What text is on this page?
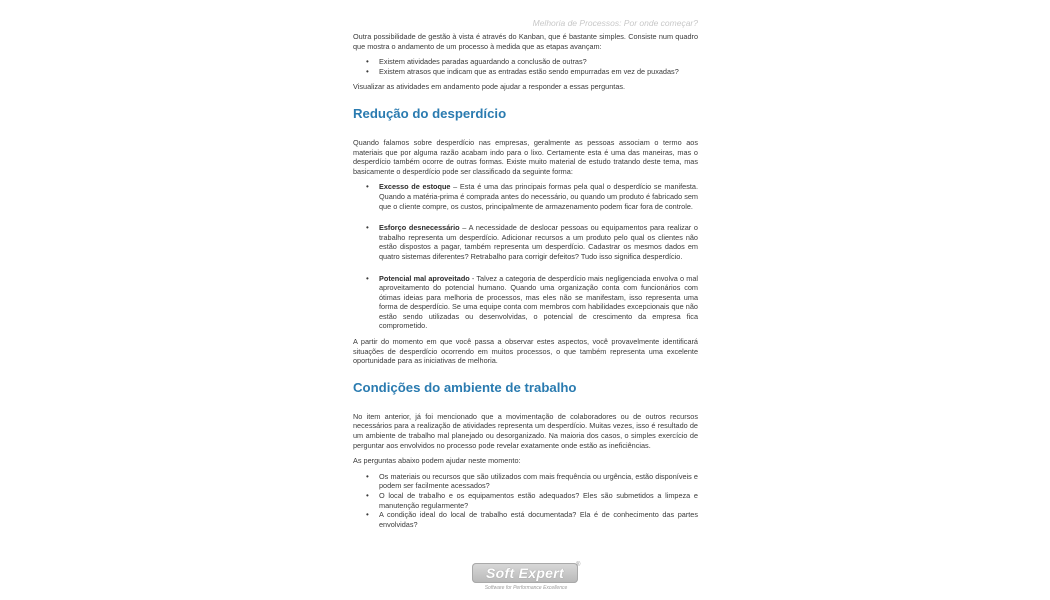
Melhoria de Processos: Por onde começar?

Outra possibilidade de gestão à vista é através do Kanban, que é bastante simples. Consiste num quadro que mostra o andamento de um processo à medida que as etapas avançam:

• Existem atividades paradas aguardando a conclusão de outras?
• Existem atrasos que indicam que as entradas estão sendo empurradas em vez de puxadas?

Visualizar as atividades em andamento pode ajudar a responder a essas perguntas.

Redução do desperdício

Quando falamos sobre desperdício nas empresas, geralmente as pessoas associam o termo aos materiais que por alguma razão acabam indo para o lixo. Certamente esta é uma das maneiras, mas o desperdício também ocorre de outras formas. Existe muito material de estudo tratando deste tema, mas basicamente o desperdício pode ser classificado da seguinte forma:

• Excesso de estoque – Esta é uma das principais formas pela qual o desperdício se manifesta. Quando a matéria-prima é comprada antes do necessário, ou quando um produto é fabricado sem que o cliente compre, os custos, principalmente de armazenamento podem ficar fora de controle.
• Esforço desnecessário – A necessidade de deslocar pessoas ou equipamentos para realizar o trabalho representa um desperdício. Adicionar recursos a um produto pelo qual os clientes não estão dispostos a pagar, também representa um desperdício. Cadastrar os mesmos dados em quatro sistemas diferentes? Retrabalho para corrigir defeitos? Tudo isso significa desperdício.
• Potencial mal aproveitado - Talvez a categoria de desperdício mais negligenciada envolva o mal aproveitamento do potencial humano. Quando uma organização conta com funcionários com ótimas ideias para melhoria de processos, mas eles não se manifestam, isso representa uma forma de desperdício. Se uma equipe conta com membros com habilidades excepcionais que não estão sendo utilizadas ou desenvolvidas, o potencial de crescimento da empresa fica comprometido.

A partir do momento em que você passa a observar estes aspectos, você provavelmente identificará situações de desperdício ocorrendo em muitos processos, o que também representa uma excelente oportunidade para as iniciativas de melhoria.

Condições do ambiente de trabalho

No item anterior, já foi mencionado que a movimentação de colaboradores ou de outros recursos necessários para a realização de atividades representa um desperdício. Muitas vezes, isso é resultado de um ambiente de trabalho mal planejado ou desorganizado. Na maioria dos casos, o simples exercício de perguntar aos envolvidos no processo pode revelar exatamente onde estão as ineficiências.

As perguntas abaixo podem ajudar neste momento:

• Os materiais ou recursos que são utilizados com mais frequência ou urgência, estão disponíveis e podem ser facilmente acessados?
• O local de trabalho e os equipamentos estão adequados? Eles são submetidos a limpeza e manutenção regularmente?
• A condição ideal do local de trabalho está documentada? Ela é de conhecimento das partes envolvidas?
Soft Expert	®
Software for Performance Excellence
